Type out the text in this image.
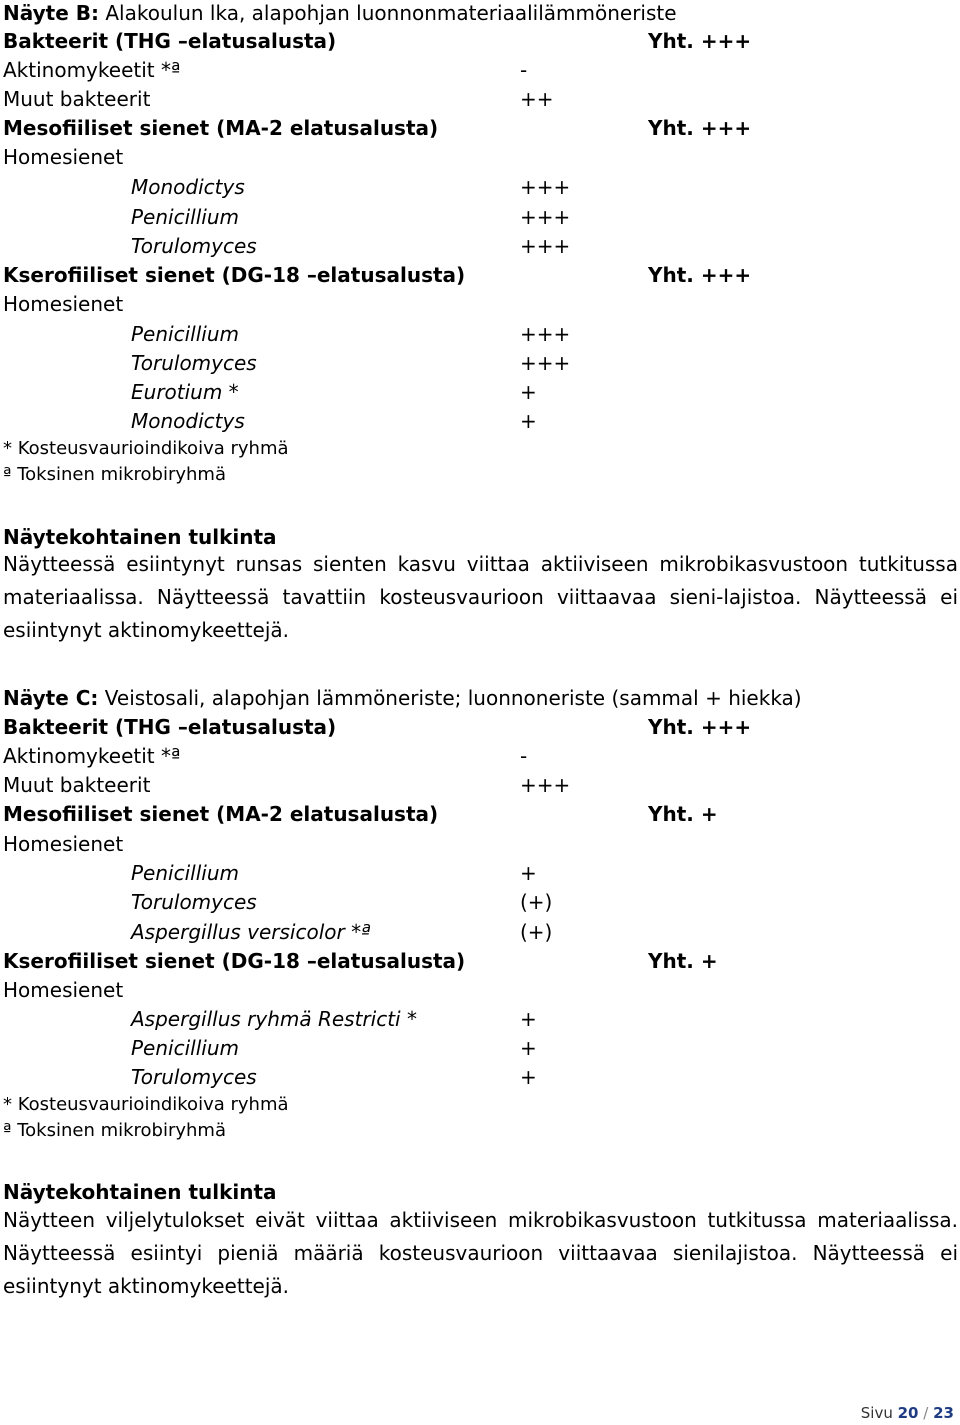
Näyte B: Alakoulun lka, alapohjan luonnonmateriaalilämmöneriste
Bakteerit (THG –elatusalusta)	Yht. +++
Aktinomykeetit *ª	-
Muut bakteerit	++
Mesofiiliset sienet (MA-2 elatusalusta)	Yht. +++
Homesienet
Monodictys	+++
Penicillium	+++
Torulomyces	+++
Kserofiiliset sienet (DG-18 –elatusalusta)	Yht. +++
Homesienet
Penicillium	+++
Torulomyces	+++
Eurotium *	+
Monodictys	+
* Kosteusvaurioindikoiva ryhmä
ª Toksinen mikrobiryhmä
Näytekohtainen tulkinta
Näytteessä esiintynyt runsas sienten kasvu viittaa aktiiviseen mikrobikasvustoon tutkitussa materiaalissa. Näytteessä tavattiin kosteusvaurioon viittaavaa sieni-lajistoa. Näytteessä ei esiintynyt aktinomykeettejä.
Näyte C: Veistosali, alapohjan lämmöneriste; luonnoneriste (sammal + hiekka)
Bakteerit (THG –elatusalusta)	Yht. +++
Aktinomykeetit *ª	-
Muut bakteerit	+++
Mesofiiliset sienet (MA-2 elatusalusta)	Yht. +
Homesienet
Penicillium	+
Torulomyces	(+)
Aspergillus versicolor *ª	(+)
Kserofiiliset sienet (DG-18 –elatusalusta)	Yht. +
Homesienet
Aspergillus ryhmä Restricti *	+
Penicillium	+
Torulomyces	+
* Kosteusvaurioindikoiva ryhmä
ª Toksinen mikrobiryhmä
Näytekohtainen tulkinta
Näytteen viljelytulokset eivät viittaa aktiiviseen mikrobikasvustoon tutkitussa materiaalissa. Näytteessä esiintyi pieniä määriä kosteusvaurioon viittaavaa sienilajistoa. Näytteessä ei esiintynyt aktinomykeettejä.
Sivu 20 / 23
